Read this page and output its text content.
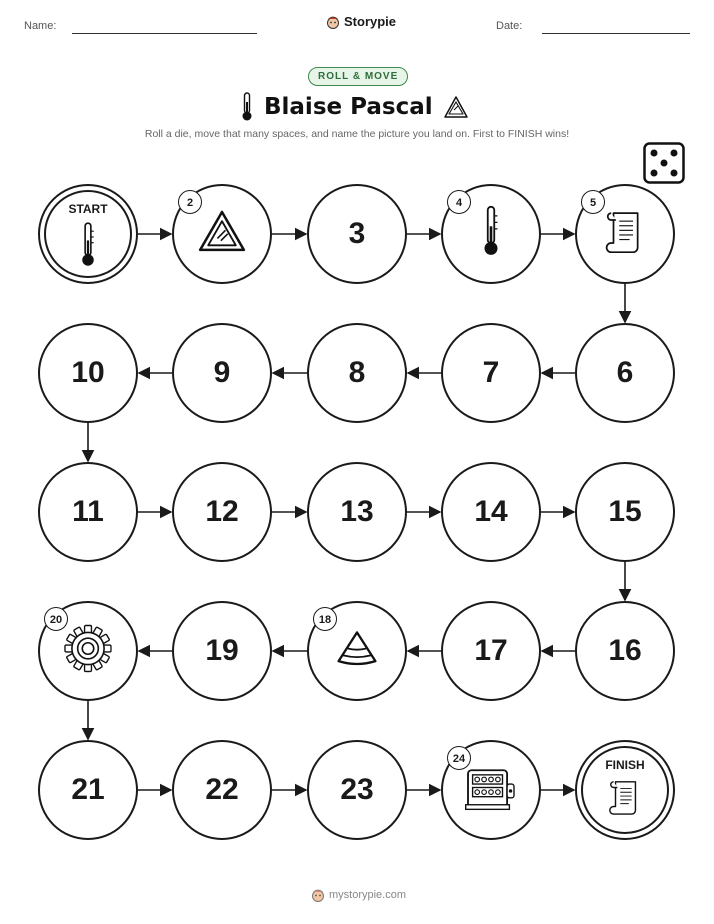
Name:	Storypie	Date:
ROLL & MOVE
Blaise Pascal
Roll a die, move that many spaces, and name the picture you land on. First to FINISH wins!
START	2
3
4	5
6
7
8
9
10
11	12	13	14	15
16
17
18
19
20
21	22	23
24	FINISH
mystorypie.com
